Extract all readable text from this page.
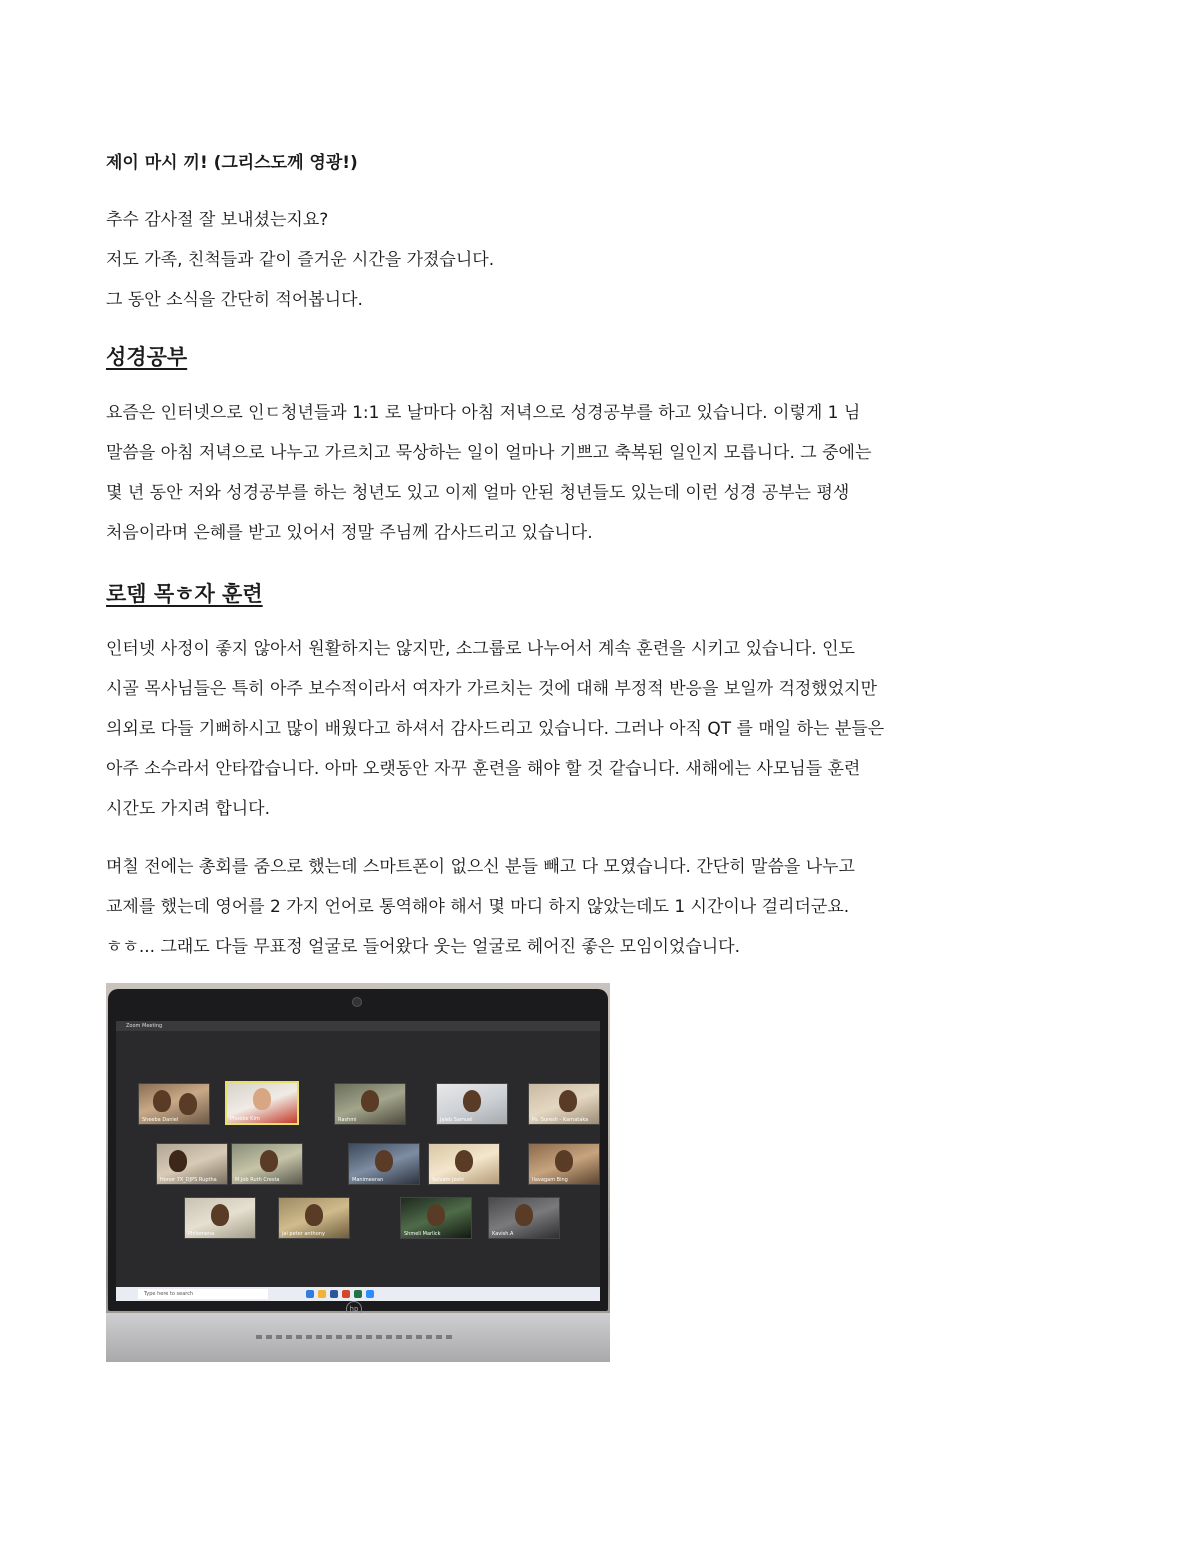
제이 마시 끼! (그리스도께 영광!)
추수 감사절 잘 보내셨는지요?
저도 가족, 친척들과 같이 즐거운 시간을 가졌습니다.
그 동안 소식을 간단히 적어봅니다.
성경공부
요즘은 인터넷으로 인ㄷ청년들과 1:1 로 날마다 아침 저녁으로 성경공부를 하고 있습니다. 이렇게 1 님
말씀을 아침 저녁으로 나누고 가르치고 묵상하는 일이 얼마나 기쁘고 축복된 일인지 모릅니다. 그 중에는
몇 년 동안 저와 성경공부를 하는 청년도 있고 이제 얼마 안된 청년들도 있는데 이런 성경 공부는 평생
처음이라며 은혜를 받고 있어서 정말 주님께 감사드리고 있습니다.
로뎀 목ㅎ자 훈련
인터넷 사정이 좋지 않아서 원활하지는 않지만, 소그룹로 나누어서 계속 훈련을 시키고 있습니다. 인도
시골 목사님들은 특히 아주 보수적이라서 여자가 가르치는 것에 대해 부정적 반응을 보일까 걱정했었지만
의외로 다들 기뻐하시고 많이 배웠다고 하셔서 감사드리고 있습니다. 그러나 아직 QT 를 매일 하는 분들은
아주 소수라서 안타깝습니다. 아마 오랫동안 자꾸 훈련을 해야 할 것 같습니다. 새해에는 사모님들 훈련
시간도 가지려 합니다.
며칠 전에는 총회를 줌으로 했는데 스마트폰이 없으신 분들 빼고 다 모였습니다. 간단히 말씀을 나누고
교제를 했는데 영어를 2 가지 언어로 통역해야 해서 몇 마디 하지 않았는데도 1 시간이나 걸리더군요.
ㅎㅎ... 그래도 다들 무표정 얼굴로 들어왔다 웃는 얼굴로 헤어진 좋은 모임이었습니다.
Zoom Meeting
Sheeba Daniel	Phoebe Kim	Rashmi	Jaleb Samuel	Ps. Suresh - Karnataka
Honor 7X_DJPS Ruptha	M.Job Ruth Cresta	Manimeeran	Selvam Joshi	Ilavagam Bing
Philomena	jai peter anthony	Shmeli Marlick	Kavish.A
Type here to search
hp
